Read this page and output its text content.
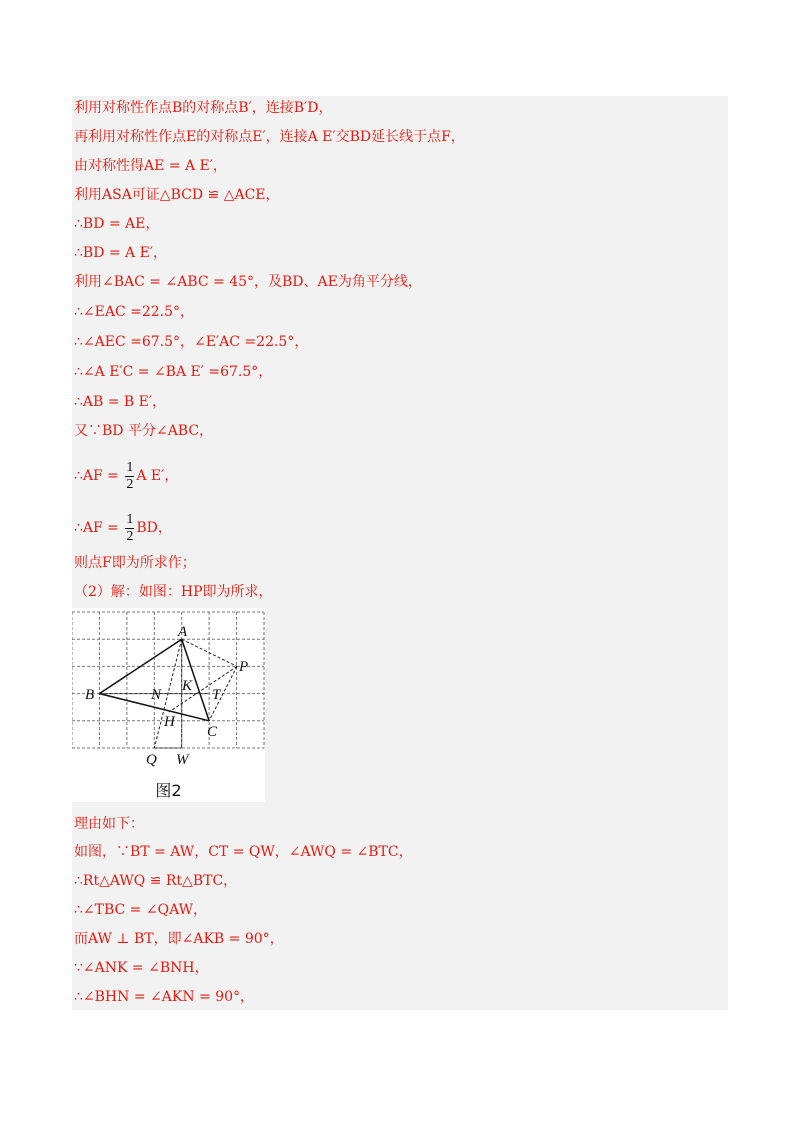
利用对称性作点B的对称点B′，连接B′D，
再利用对称性作点E的对称点E′，连接A E′交BD延长线于点F，
由对称性得AE = A E′，
利用ASA可证△BCD ≌ △ACE，
∴BD = AE，
∴BD = A E′，
利用∠BAC = ∠ABC = 45°，及BD、AE为角平分线，
∴∠EAC =22.5°，
∴∠AEC =67.5°，∠E′AC =22.5°，
∴∠A E′C = ∠BA E′ =67.5°，
∴AB = B E′，
又∵BD 平分∠ABC，
∴AF = $\frac{1}{2}$ A E′，
∴AF = $\frac{1}{2}$ BD，
则点F即为所求作；
（2）解：如图：HP即为所求，
理由如下：
如图，∵BT = AW，CT = QW，∠AWQ = ∠BTC，
∴Rt△AWQ ≌ Rt△BTC，
∴∠TBC = ∠QAW，
而AW ⊥ BT，即∠AKB = 90°，
∵∠ANK = ∠BNH，
∴∠BHN = ∠AKN = 90°，
A
P
B	N
K
T
H
C
Q W
图2
